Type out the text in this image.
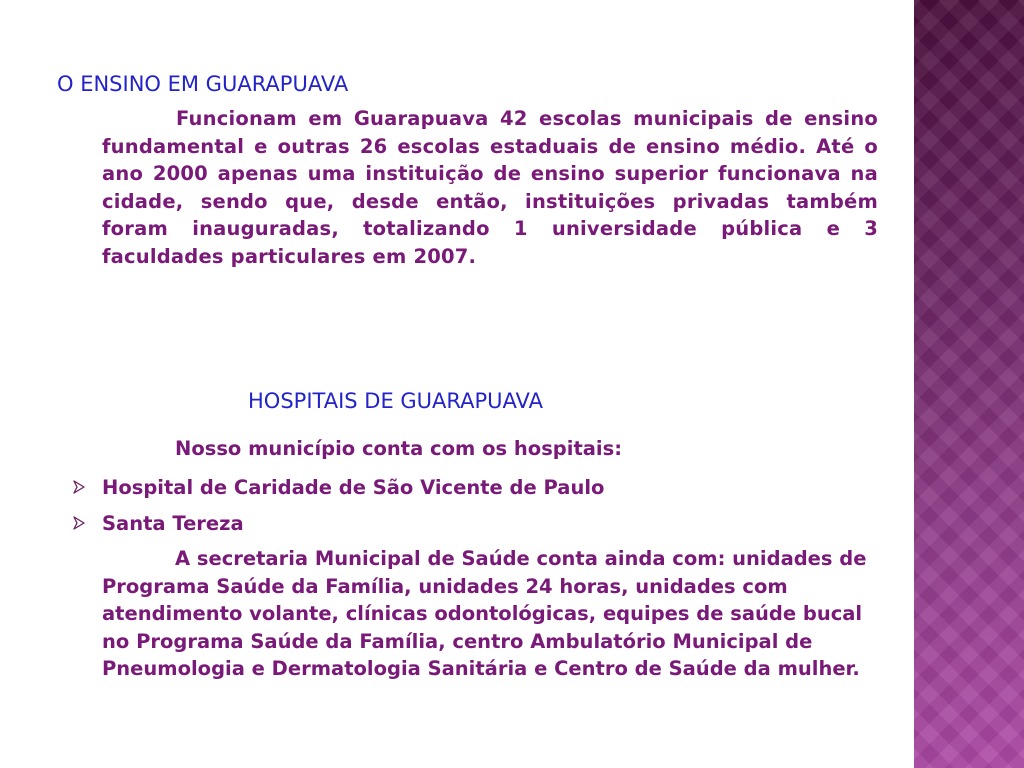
O ENSINO EM GUARAPUAVA
Funcionam em Guarapuava 42 escolas municipais de ensino fundamental e outras 26 escolas estaduais de ensino médio. Até o ano 2000 apenas uma instituição de ensino superior funcionava na cidade, sendo que, desde então, instituições privadas também foram inauguradas, totalizando 1 universidade pública e 3 faculdades particulares em 2007.
HOSPITAIS DE GUARAPUAVA
Nosso município conta com os hospitais:
Hospital de Caridade de São Vicente de Paulo
Santa Tereza
A secretaria Municipal de Saúde conta ainda com: unidades de Programa Saúde da Família, unidades 24 horas, unidades com atendimento volante, clínicas odontológicas, equipes de saúde bucal no Programa Saúde da Família, centro Ambulatório Municipal de Pneumologia e Dermatologia Sanitária e Centro de Saúde da mulher.
